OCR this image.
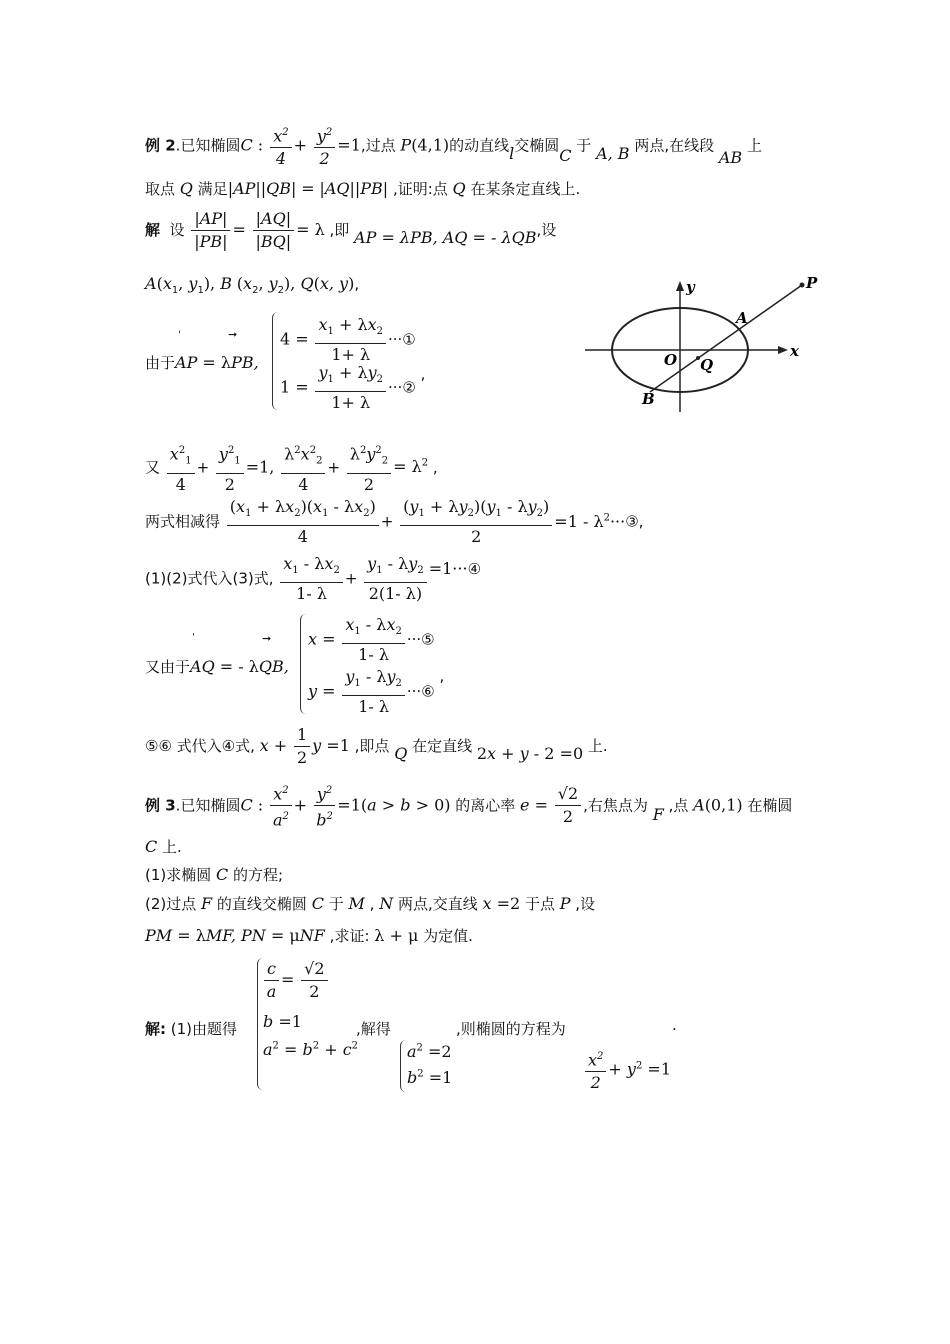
例 2.已知椭圆C : $\frac{x^2}{4} + \frac{y^2}{2} =1$,过点 P(4,1)的动直线l交椭圆C 于 A, B 两点,在线段 AB 上
取点 Q 满足|AP||QB| = |AQ||PB| ,证明:点 Q 在某条定直线上.
解  设 $\frac{|AP|}{|PB|} = \frac{|AQ|}{|BQ|} = \lambda$ ,即 AP = λPB, AQ = - λQB,设
$A(x_1$, $y_1$), B ($x_2$, $y_2$), Q(x, y),
由于AP = λPB,
'	➞	$4 = \frac{x_1 + \lambda x_2}{1+ \lambda}$ ···①
$1 = \frac{y_1 + \lambda y_2}{1+ \lambda}$ ···② ,
y	P
A
x
O Q
B
又 $\frac{x^2_1}{4} + \frac{y^2_1}{2} =1$, $\frac{\lambda^2x^2_2}{4} + \frac{\lambda^2y^2_2}{2} = \lambda^2$ ,
两式相减得 $\frac{(x_1 + \lambda x_2)(x_1 - \lambda x_2)}{4} + \frac{(y_1 + \lambda y_2)(y_1 - \lambda y_2)}{2} =1$ - $\lambda^2\cdot\cdot\cdot ③$,
(1)(2)式代入(3)式, $\frac{x_1 - \lambda x_2}{1- \lambda} + \frac{y_1 - \lambda y_2}{2(1- \lambda)}$ =1···④
又由于AQ = - λQB,
'	➞ $x = \frac{x_1 - \lambda x_2}{1- \lambda}$ ···⑤
$y = \frac{y_1 - \lambda y_2}{1- \lambda}$ ···⑥ ,
⑤⑥ 式代入④式, $x + \frac{1}{2}$ y =1 ,即点 Q 在定直线 2x + y - 2 =0 上.
例 3.已知椭圆C : $\frac{x^2}{a^2} + \frac{y^2}{b^2} =1(a > b > 0)$ 的离心率 $e = \frac{√2}{2}$ ,右焦点为 F ,点 A(0,1) 在椭圆
C 上.
(1)求椭圆 C 的方程;
(2)过点 F 的直线交椭圆 C 于 M , N 两点,交直线 x =2 于点 P ,设
PM = λMF, PN = μNF ,求证: λ + μ 为定值.
解: (1)由题得
$\frac{c}{a} = \frac{√2}{2}$
b =1
$a^2 = b^2 + c^2$
,解得	,则椭圆的方程为	.
$a^2 =2$
$b^2 =1$	$\frac{x^2}{2} + y^2 =1$
